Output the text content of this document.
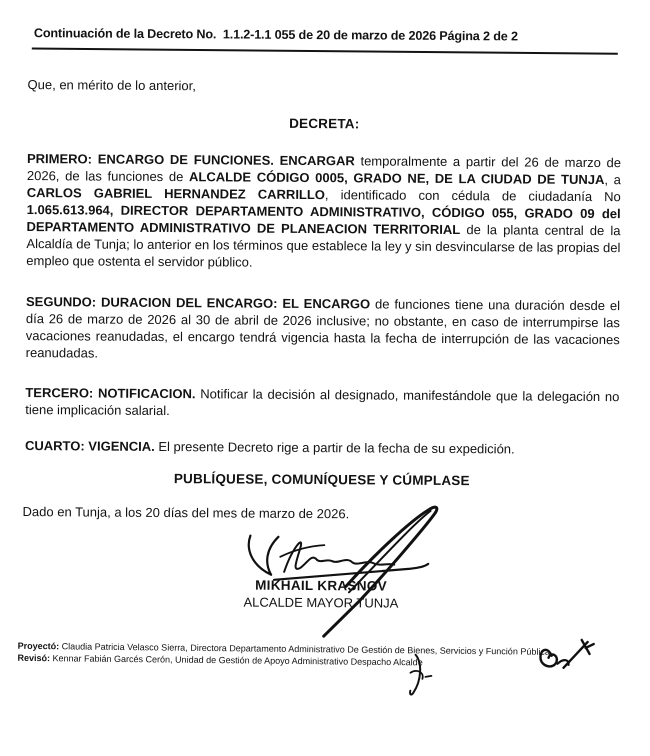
Continuación de la Decreto No.  1.1.2-1.1 055 de 20 de marzo de 2026 Página 2 de 2

Que, en mérito de lo anterior,

DECRETA:

PRIMERO: ENCARGO DE FUNCIONES. ENCARGAR temporalmente a partir del 26 de marzo de 2026, de las funciones de ALCALDE CÓDIGO 0005, GRADO NE, DE LA CIUDAD DE TUNJA, a CARLOS GABRIEL HERNANDEZ CARRILLO, identificado con cédula de ciudadanía No 1.065.613.964, DIRECTOR DEPARTAMENTO ADMINISTRATIVO, CÓDIGO 055, GRADO 09 del DEPARTAMENTO ADMINISTRATIVO DE PLANEACION TERRITORIAL de la planta central de la Alcaldía de Tunja; lo anterior en los términos que establece la ley y sin desvincularse de las propias del empleo que ostenta el servidor público.

SEGUNDO: DURACION DEL ENCARGO: EL ENCARGO de funciones tiene una duración desde el día 26 de marzo de 2026 al 30 de abril de 2026 inclusive; no obstante, en caso de interrumpirse las vacaciones reanudadas, el encargo tendrá vigencia hasta la fecha de interrupción de las vacaciones reanudadas.

TERCERO: NOTIFICACION. Notificar la decisión al designado, manifestándole que la delegación no tiene implicación salarial.

CUARTO: VIGENCIA. El presente Decreto rige a partir de la fecha de su expedición.

PUBLÍQUESE, COMUNÍQUESE Y CÚMPLASE

Dado en Tunja, a los 20 días del mes de marzo de 2026.

MIKHAIL KRASNOV
ALCALDE MAYOR TUNJA
Proyectó: Claudia Patricia Velasco Sierra, Directora Departamento Administrativo De Gestión de Bienes, Servicios y Función Pública.
Revisó: Kennar Fabián Garcés Cerón, Unidad de Gestión de Apoyo Administrativo Despacho Alcalde
